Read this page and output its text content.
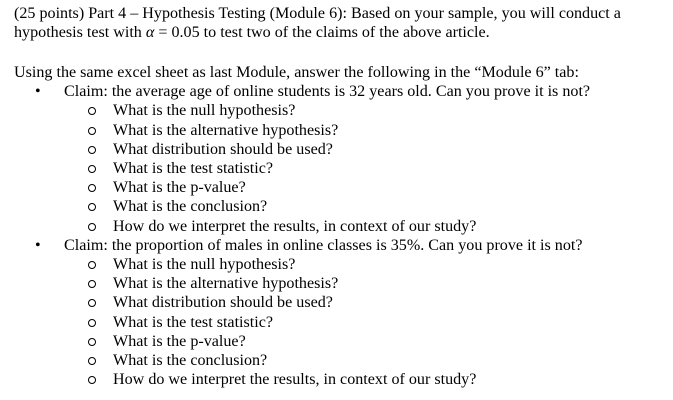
(25 points) Part 4 – Hypothesis Testing (Module 6): Based on your sample, you will conduct a
hypothesis test with α = 0.05 to test two of the claims of the above article.
Using the same excel sheet as last Module, answer the following in the “Module 6” tab:
• Claim: the average age of online students is 32 years old. Can you prove it is not?
What is the null hypothesis?
What is the alternative hypothesis?
What distribution should be used?
What is the test statistic?
What is the p-value?
What is the conclusion?
How do we interpret the results, in context of our study?
• Claim: the proportion of males in online classes is 35%. Can you prove it is not?
What is the null hypothesis?
What is the alternative hypothesis?
What distribution should be used?
What is the test statistic?
What is the p-value?
What is the conclusion?
How do we interpret the results, in context of our study?
